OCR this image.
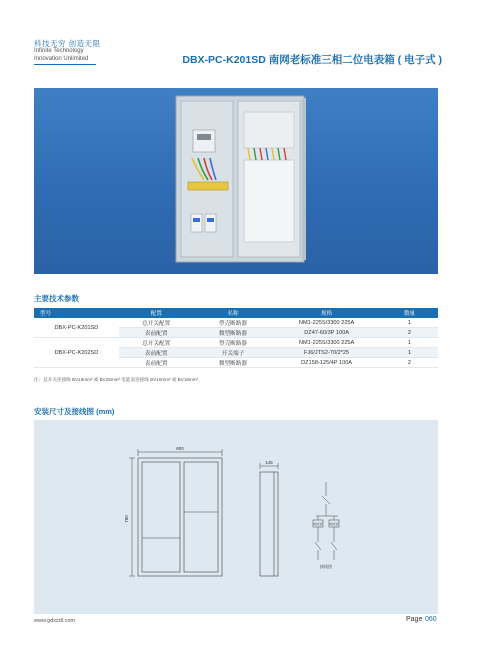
科技无穷 创造无限
Infinite Technology
Innovation Unlimited	DBX-PC-K201SD 南网老标准三相二位电表箱 ( 电子式 )
主要技术参数
型号	配置	名称	规格	数量
DBX-PC-K201SD	总开关配置	塑壳断路器	NM1-225S/3300 225A	1
	表前配置	微型断路器	DZ47-60/3P 100A	2
DBX-PC-K202SD	总开关配置	塑壳断路器	NM1-225S/3300 225A	1
	表前配置	开关端子	FJ6/JTS2-70/2*25	1
	表前配置	微型断路器	DZ158-125/4P 100A	2
注：总开关连接线 BV16mm² 或 BV25mm² 电能表连接线 BV10mm² 或 BV16mm²
安装尺寸及接线图 (mm)
600
780
145
电能表 电能表
接线图
www.gdxzdl.com	Page 060
